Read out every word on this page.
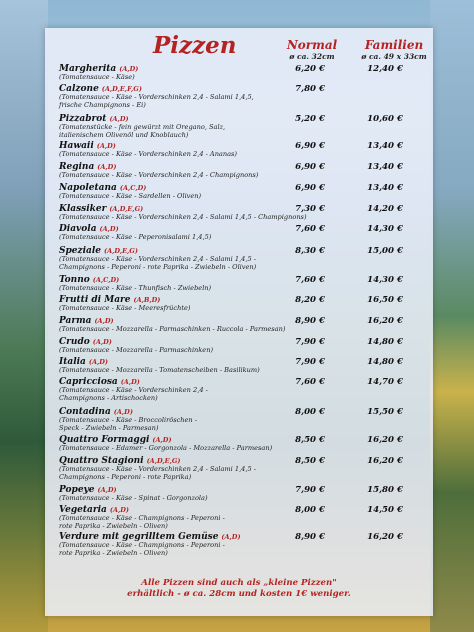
Pizzen	Normal
ø ca. 32cm
Familien
ø ca. 49 x 33cm
Margherita (A,D)
(Tomatensauce - Käse)
6,20 €	12,40 €
Calzone (A,D,E,F,G)
(Tomatensauce - Käse - Vorderschinken 2,4 - Salami 1,4,5,
frische Champignons - Ei)
7,80 €
Pizzabrot (A,D)
(Tomatenstücke - fein gewürzt mit Oregano, Salz,
italienischem Olivenöl und Knoblauch)
5,20 €	10,60 €
Hawaii (A,D)
(Tomatensauce - Käse - Vorderschinken 2,4 - Ananas)
6,90 €	13,40 €
Regina (A,D)
(Tomatensauce - Käse - Vorderschinken 2,4 - Champignons)
6,90 €	13,40 €
Napoletana (A,C,D)
(Tomatensauce - Käse - Sardellen - Oliven)
6,90 €	13,40 €
Klassiker (A,D,E,G)
(Tomatensauce - Käse - Vorderschinken 2,4 - Salami 1,4,5 - Champignons)
7,30 €	14,20 €
Diavola (A,D)
(Tomatensauce - Käse - Peperonisalami 1,4,5)
7,60 €	14,30 €
Speziale (A,D,E,G)
(Tomatensauce - Käse - Vorderschinken 2,4 - Salami 1,4,5 -
Champignons - Peperoni - rote Paprika - Zwiebeln - Oliven)
8,30 €	15,00 €
Tonno (A,C,D)
(Tomatensauce - Käse - Thunfisch - Zwiebeln)
7,60 €	14,30 €
Frutti di Mare (A,B,D)
(Tomatensauce - Käse - Meeresfrüchte)
8,20 €	16,50 €
Parma (A,D)
(Tomatensauce - Mozzarella - Parmaschinken - Ruccola - Parmesan)
8,90 €	16,20 €
Crudo (A,D)
(Tomatensauce - Mozzarella - Parmaschinken)
7,90 €	14,80 €
Italia (A,D)
(Tomatensauce - Mozzarella - Tomatenscheiben - Basilikum)
7,90 €	14,80 €
Capricciosa (A,D)
(Tomatensauce - Käse - Vorderschinken 2,4 -
Champignons - Artischocken)
7,60 €	14,70 €
Contadina (A,D)
(Tomatensauce - Käse - Broccoliröschen -
Speck - Zwiebeln - Parmesan)
8,00 €	15,50 €
Quattro Formaggi (A,D)
(Tomatensauce - Edamer - Gorgonzola - Mozzarella - Parmesan)
8,50 €	16,20 €
Quattro Stagioni (A,D,E,G)
(Tomatensauce - Käse - Vorderschinken 2,4 - Salami 1,4,5 -
Champignons - Peperoni - rote Paprika)
8,50 €	16,20 €
Popeye (A,D)
(Tomatensauce - Käse - Spinat - Gorgonzola)
7,90 €	15,80 €
Vegetaria (A,D)
(Tomatensauce - Käse - Champignons - Peperoni -
rote Paprika - Zwiebeln - Oliven)
8,00 €	14,50 €
Verdure mit gegrilltem Gemüse (A,D)
(Tomatensauce - Käse - Champignons - Peperoni -
rote Paprika - Zwiebeln - Oliven)
8,90 €	16,20 €
Alle Pizzen sind auch als „kleine Pizzen"
erhältlich - ø ca. 28cm und kosten 1€ weniger.
